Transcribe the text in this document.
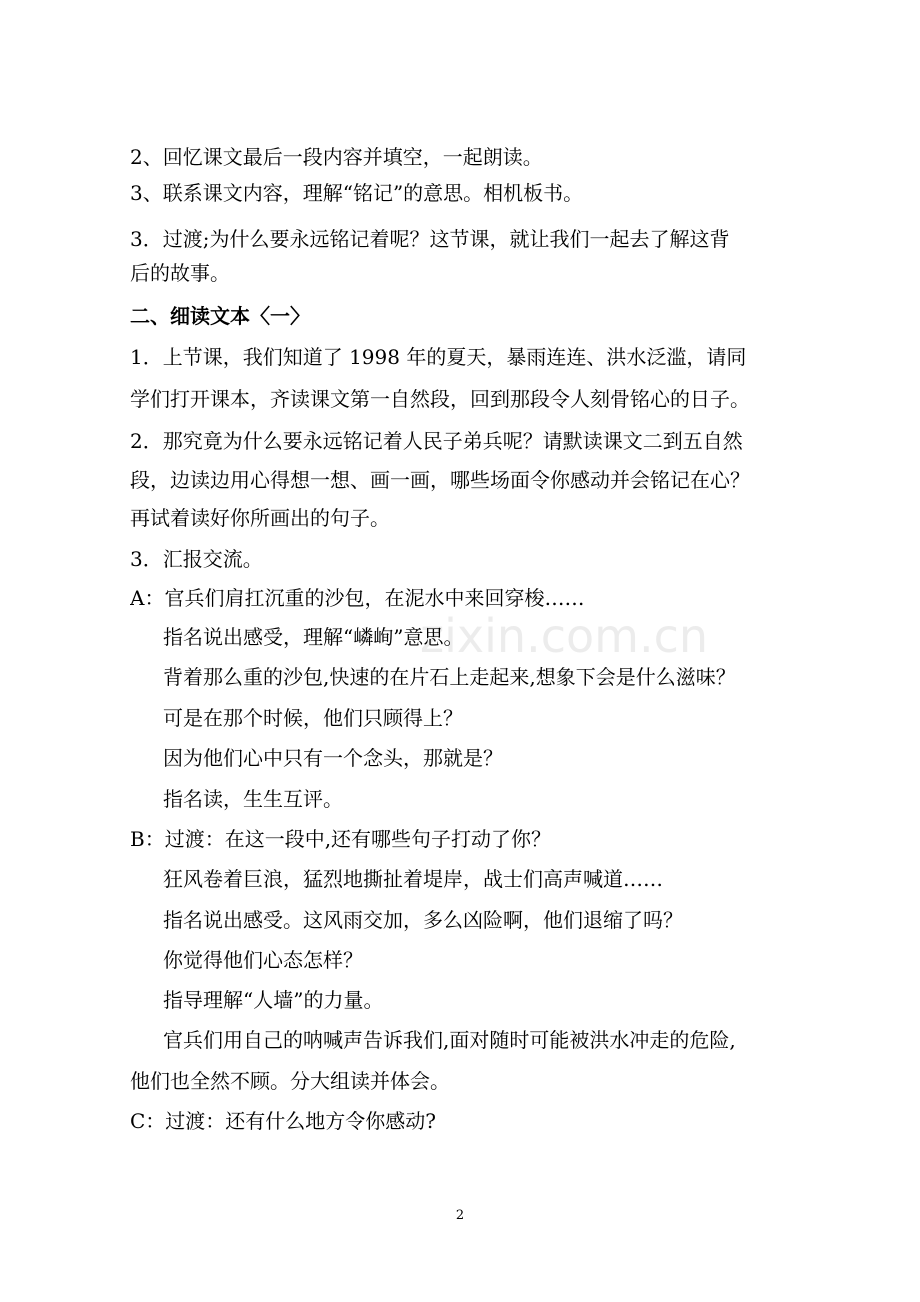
zixin.com.cn
2、回忆课文最后一段内容并填空，一起朗读。
3、联系课文内容，理解“铭记”的意思。相机板书。
3．过渡;为什么要永远铭记着呢？这节课，就让我们一起去了解这背
后的故事。
二、细读文本〈一〉
1．上节课，我们知道了 1998 年的夏天，暴雨连连、洪水泛滥，请同
学们打开课本，齐读课文第一自然段，回到那段令人刻骨铭心的日子。
2．那究竟为什么要永远铭记着人民子弟兵呢？请默读课文二到五自然
段，边读边用心得想一想、画一画，哪些场面令你感动并会铭记在心？
再试着读好你所画出的句子。
3．汇报交流。
A：官兵们肩扛沉重的沙包，在泥水中来回穿梭……
指名说出感受，理解“嶙峋”意思。
背着那么重的沙包,快速的在片石上走起来,想象下会是什么滋味？
可是在那个时候，他们只顾得上？
因为他们心中只有一个念头，那就是？
指名读，生生互评。
B：过渡：在这一段中,还有哪些句子打动了你？
狂风卷着巨浪，猛烈地撕扯着堤岸，战士们高声喊道……
指名说出感受。这风雨交加，多么凶险啊，他们退缩了吗？
你觉得他们心态怎样？
指导理解“人墙”的力量。
官兵们用自己的呐喊声告诉我们,面对随时可能被洪水冲走的危险,
他们也全然不顾。分大组读并体会。
C：过渡：还有什么地方令你感动?
2
